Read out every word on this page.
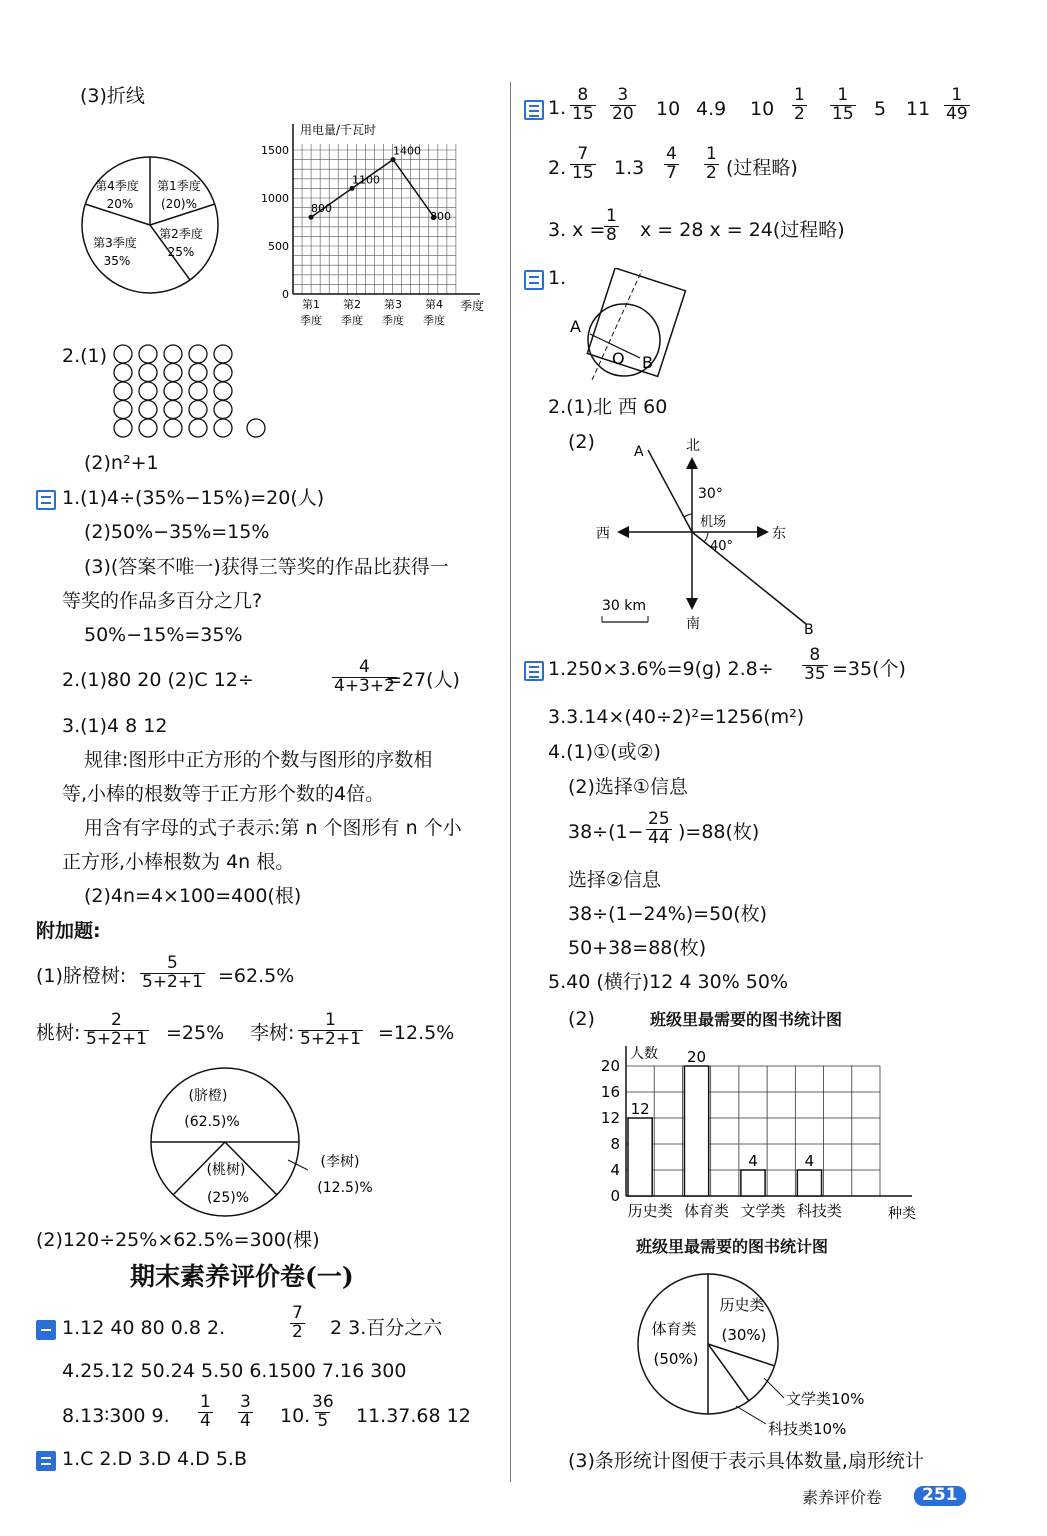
(3)折线
第4季度
20%
第1季度
(20)%
第3季度
35%
第2季度
25%
用电量/千瓦时
季度
0
500
1000
1500
800
1100
1400
800
第1
季度
第2
季度
第3
季度
第4
季度
2.(1)
(2)n²+1
1.(1)4÷(35%−15%)=20(人)
(2)50%−35%=15%
(3)(答案不唯一)获得三等奖的作品比获得一
等奖的作品多百分之几?
50%−15%=35%
2.(1)80 20 (2)C 12÷	$\frac{4}{4+3+2}$
=27(人)
3.(1)4 8 12
规律:图形中正方形的个数与图形的序数相
等,小棒的根数等于正方形个数的4倍。
用含有字母的式子表示:第 n 个图形有 n 个小
正方形,小棒根数为 4n 根。
(2)4n=4×100=400(根)
附加题:
(1)脐橙树: $\frac{5}{5+2+1} =62.5\%$
桃树: $\frac{2}{5+2+1} =25\%$ 李树: $\frac{1}{5+2+1} =12.5\%$
(脐橙)
(62.5)%
(桃树)
(25)%
(李树)
(12.5)%
(2)120÷25%×62.5%=300(棵)
期末素养评价卷(一)
1.12 40 80 0.8 2.	$\frac{7}{2} 2$ 3.百分之六
4.25.12 50.24 5.50 6.1500 7.16 300
8.13∶300 9. $\frac{1}{4} \frac{3}{4} 10$. $\frac{36}{5} 11.37.68$ 12
1.C 2.D 3.D 4.D 5.B
1. $\frac{8}{15} \frac{3}{20} 10$ 4.9 $10 \frac{1}{2} \frac{1}{15} 5$ $11 \frac{1}{49}$
2. $\frac{7}{15} 1.3 \frac{4}{7} \frac{1}{2}$ (过程略)
3. x =
$\frac{1}{8}$ x = 28 x = 24(过程略)
1.
A
O B
2.(1)北 西 60
(2)	北
南
西	东
A
B
机场
30°
40°
30 km
1.250×3.6%=9(g) $2.8\div \frac{8}{35} =35$(个)
3.3.14×(40÷2)²=1256(m²)
4.(1)①(或②)
(2)选择①信息
$38\div(1- \frac{25}{44} )=88$(枚)
选择②信息
38÷(1−24%)=50(枚)
50+38=88(枚)
5.40 (横行)12 4 30% 50%
(2)	班级里最需要的图书统计图
人数
种类
0
4
8
12
16
20
12
历史类
20
体育类
4
文学类
4
科技类
班级里最需要的图书统计图
体育类
(50%)
历史类
(30%)
文学类10%
科技类10%
(3)条形统计图便于表示具体数量,扇形统计
素养评价卷	251
